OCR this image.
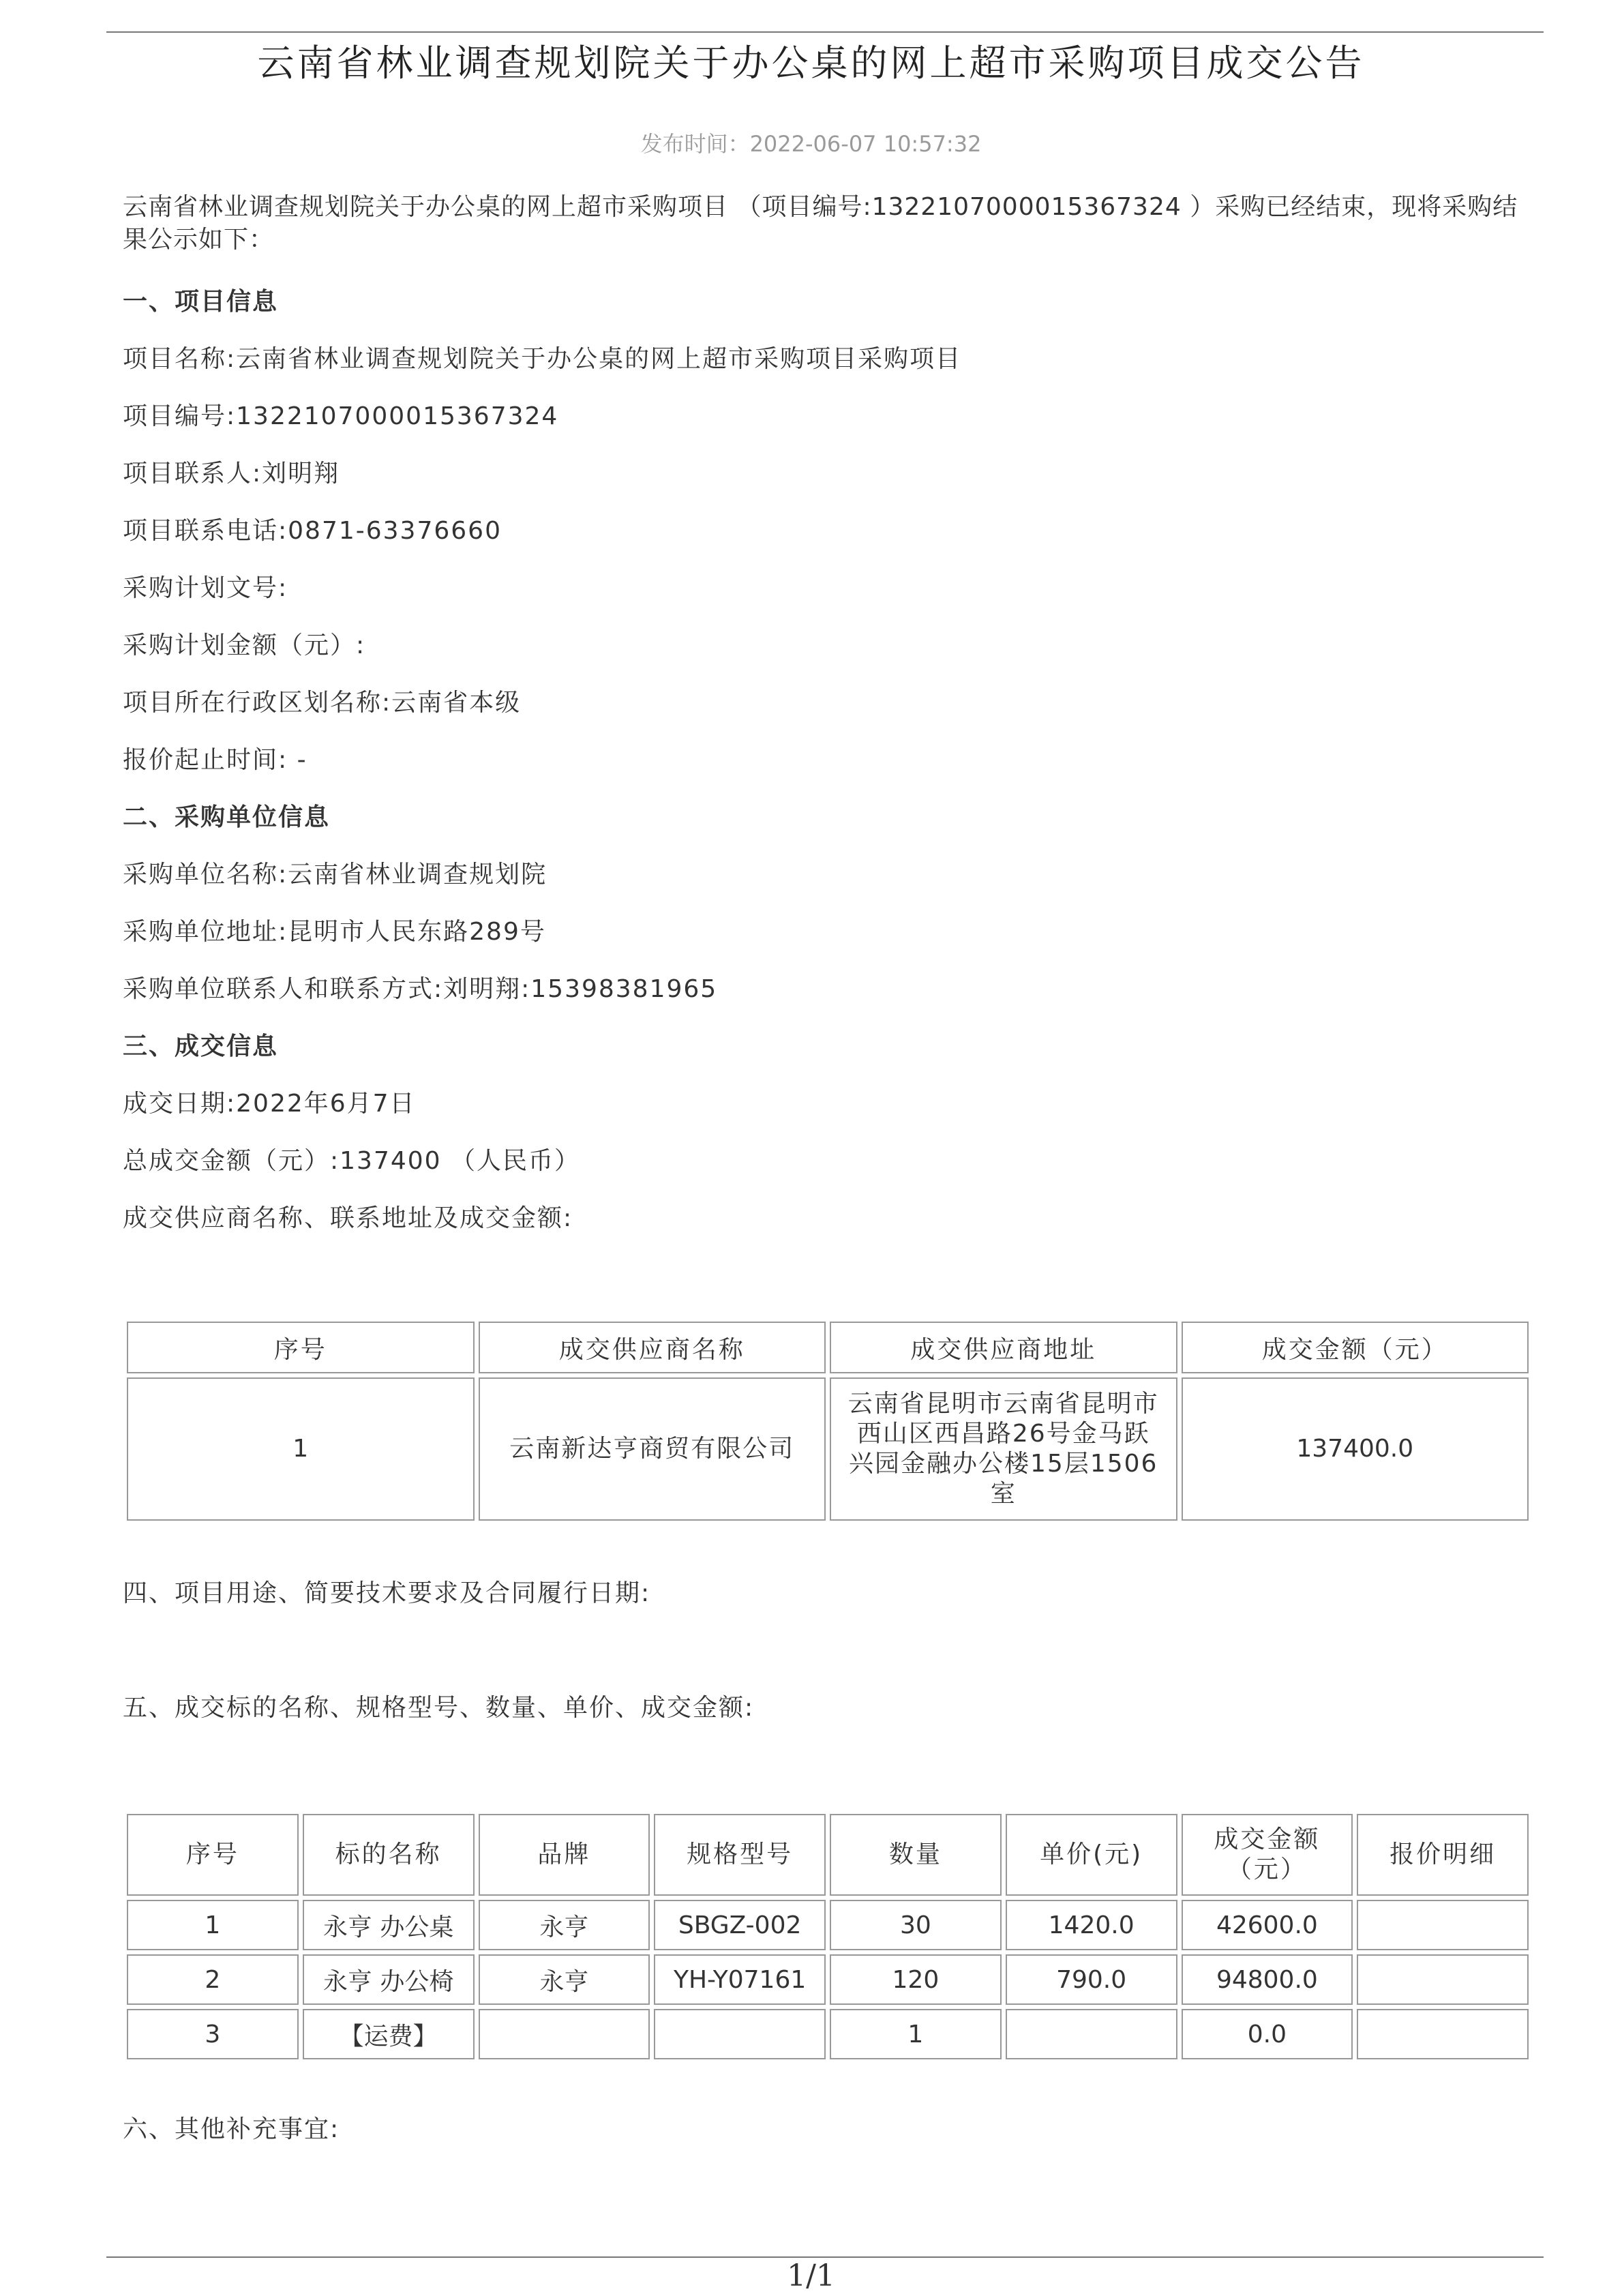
云南省林业调查规划院关于办公桌的网上超市采购项目成交公告
发布时间：2022-06-07 10:57:32

云南省林业调查规划院关于办公桌的网上超市采购项目 （项目编号:1322107000015367324 ）采购已经结束，现将采购结果公示如下：

一、项目信息
项目名称:云南省林业调查规划院关于办公桌的网上超市采购项目采购项目
项目编号:1322107000015367324
项目联系人:刘明翔
项目联系电话:0871-63376660
采购计划文号:
采购计划金额（元）:
项目所在行政区划名称:云南省本级
报价起止时间: -
二、采购单位信息
采购单位名称:云南省林业调查规划院
采购单位地址:昆明市人民东路289号
采购单位联系人和联系方式:刘明翔:15398381965
三、成交信息
成交日期:2022年6月7日
总成交金额（元）:137400 （人民币）
成交供应商名称、联系地址及成交金额:
四、项目用途、简要技术要求及合同履行日期:
五、成交标的名称、规格型号、数量、单价、成交金额:
六、其他补充事宜:
序号	成交供应商名称	成交供应商地址	成交金额（元）
1	云南新达亨商贸有限公司	云南省昆明市云南省昆明市西山区西昌路26号金马跃兴园金融办公楼15层1506室	137400.0
序号	标的名称	品牌	规格型号	数量	单价(元)	成交金额（元）	报价明细
1	永亨 办公桌	永亨	SBGZ-002	30	1420.0	42600.0	
2	永亨 办公椅	永亨	YH-Y07161	120	790.0	94800.0	
3	【运费】			1		0.0	
1/1
